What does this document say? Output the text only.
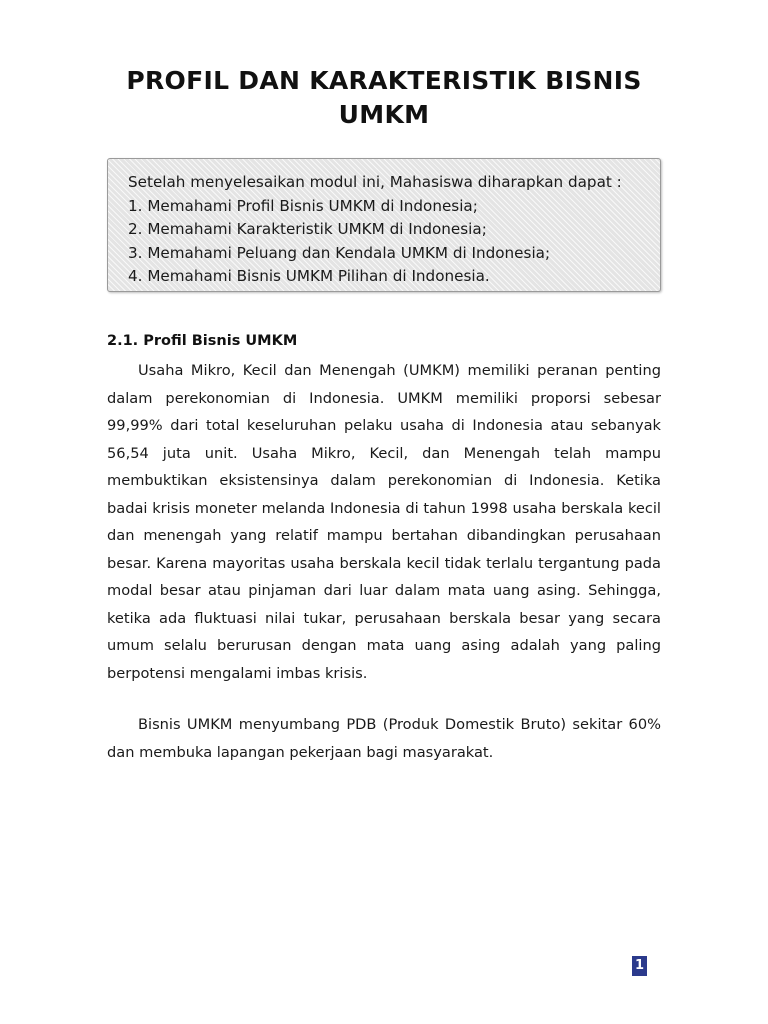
PROFIL DAN KARAKTERISTIK BISNIS UMKM
Setelah menyelesaikan modul ini, Mahasiswa diharapkan dapat :
1. Memahami Profil Bisnis UMKM di Indonesia;
2. Memahami Karakteristik UMKM di Indonesia;
3. Memahami Peluang dan Kendala UMKM di Indonesia;
4. Memahami Bisnis UMKM Pilihan di Indonesia.
2.1. Profil Bisnis UMKM

Usaha Mikro, Kecil dan Menengah (UMKM) memiliki peranan penting dalam perekonomian di Indonesia. UMKM memiliki proporsi sebesar 99,99% dari total keseluruhan pelaku usaha di Indonesia atau sebanyak 56,54 juta unit. Usaha Mikro, Kecil, dan Menengah telah mampu membuktikan eksistensinya dalam perekonomian di Indonesia. Ketika badai krisis moneter melanda Indonesia di tahun 1998 usaha berskala kecil dan menengah yang relatif mampu bertahan dibandingkan perusahaan besar. Karena mayoritas usaha berskala kecil tidak terlalu tergantung pada modal besar atau pinjaman dari luar dalam mata uang asing. Sehingga, ketika ada fluktuasi nilai tukar, perusahaan berskala besar yang secara umum selalu berurusan dengan mata uang asing adalah yang paling berpotensi mengalami imbas krisis.

Bisnis UMKM menyumbang PDB (Produk Domestik Bruto) sekitar 60% dan membuka lapangan pekerjaan bagi masyarakat.

1
